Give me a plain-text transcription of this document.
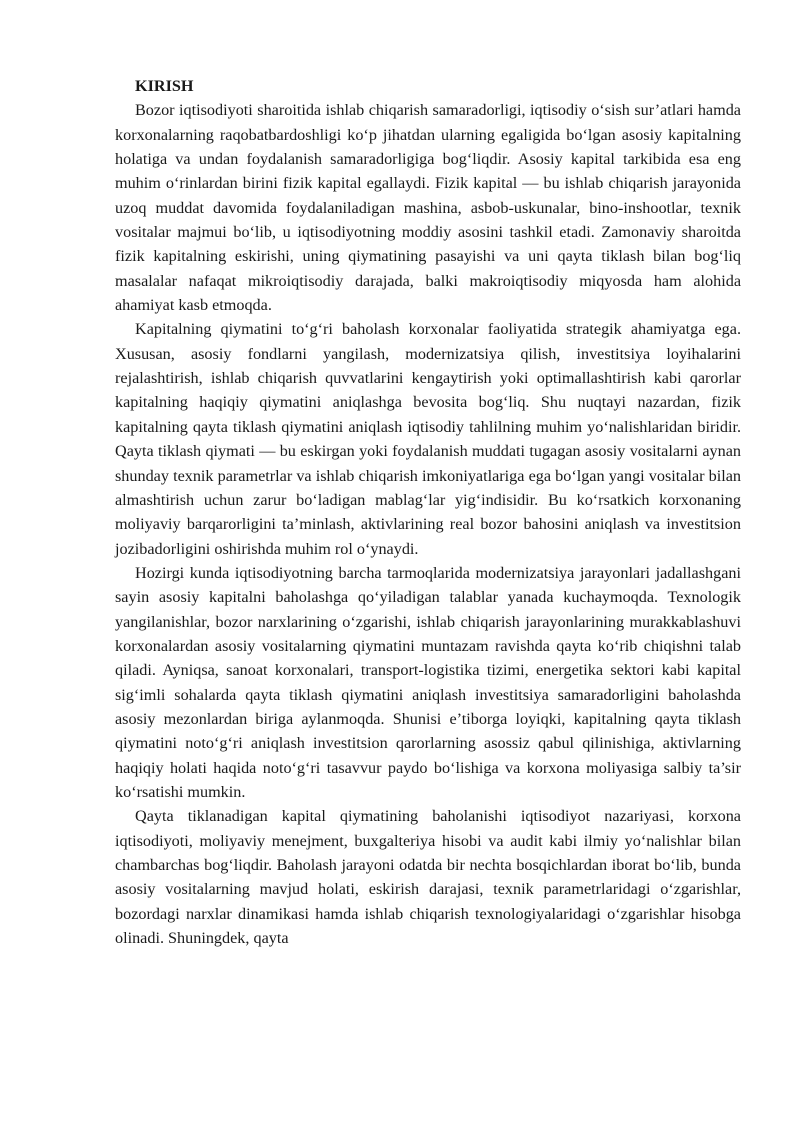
KIRISH

Bozor iqtisodiyoti sharoitida ishlab chiqarish samaradorligi, iqtisodiy o‘sish sur’atlari hamda korxonalarning raqobatbardoshligi ko‘p jihatdan ularning egaligida bo‘lgan asosiy kapitalning holatiga va undan foydalanish samaradorligiga bog‘liqdir. Asosiy kapital tarkibida esa eng muhim o‘rinlardan birini fizik kapital egallaydi. Fizik kapital — bu ishlab chiqarish jarayonida uzoq muddat davomida foydalaniladigan mashina, asbob-uskunalar, bino-inshootlar, texnik vositalar majmui bo‘lib, u iqtisodiyotning moddiy asosini tashkil etadi. Zamonaviy sharoitda fizik kapitalning eskirishi, uning qiymatining pasayishi va uni qayta tiklash bilan bog‘liq masalalar nafaqat mikroiqtisodiy darajada, balki makroiqtisodiy miqyosda ham alohida ahamiyat kasb etmoqda.

Kapitalning qiymatini to‘g‘ri baholash korxonalar faoliyatida strategik ahamiyatga ega. Xususan, asosiy fondlarni yangilash, modernizatsiya qilish, investitsiya loyihalarini rejalashtirish, ishlab chiqarish quvvatlarini kengaytirish yoki optimallashtirish kabi qarorlar kapitalning haqiqiy qiymatini aniqlashga bevosita bog‘liq. Shu nuqtayi nazardan, fizik kapitalning qayta tiklash qiymatini aniqlash iqtisodiy tahlilning muhim yo‘nalishlaridan biridir. Qayta tiklash qiymati — bu eskirgan yoki foydalanish muddati tugagan asosiy vositalarni aynan shunday texnik parametrlar va ishlab chiqarish imkoniyatlariga ega bo‘lgan yangi vositalar bilan almashtirish uchun zarur bo‘ladigan mablag‘lar yig‘indisidir. Bu ko‘rsatkich korxonaning moliyaviy barqarorligini ta’minlash, aktivlarining real bozor bahosini aniqlash va investitsion jozibadorligini oshirishda muhim rol o‘ynaydi.

Hozirgi kunda iqtisodiyotning barcha tarmoqlarida modernizatsiya jarayonlari jadallashgani sayin asosiy kapitalni baholashga qo‘yiladigan talablar yanada kuchaymoqda. Texnologik yangilanishlar, bozor narxlarining o‘zgarishi, ishlab chiqarish jarayonlarining murakkablashuvi korxonalardan asosiy vositalarning qiymatini muntazam ravishda qayta ko‘rib chiqishni talab qiladi. Ayniqsa, sanoat korxonalari, transport-logistika tizimi, energetika sektori kabi kapital sig‘imli sohalarda qayta tiklash qiymatini aniqlash investitsiya samaradorligini baholashda asosiy mezonlardan biriga aylanmoqda. Shunisi e’tiborga loyiqki, kapitalning qayta tiklash qiymatini noto‘g‘ri aniqlash investitsion qarorlarning asossiz qabul qilinishiga, aktivlarning haqiqiy holati haqida noto‘g‘ri tasavvur paydo bo‘lishiga va korxona moliyasiga salbiy ta’sir ko‘rsatishi mumkin.

Qayta tiklanadigan kapital qiymatining baholanishi iqtisodiyot nazariyasi, korxona iqtisodiyoti, moliyaviy menejment, buxgalteriya hisobi va audit kabi ilmiy yo‘nalishlar bilan chambarchas bog‘liqdir. Baholash jarayoni odatda bir nechta bosqichlardan iborat bo‘lib, bunda asosiy vositalarning mavjud holati, eskirish darajasi, texnik parametrlaridagi o‘zgarishlar, bozordagi narxlar dinamikasi hamda ishlab chiqarish texnologiyalaridagi o‘zgarishlar hisobga olinadi. Shuningdek, qayta
